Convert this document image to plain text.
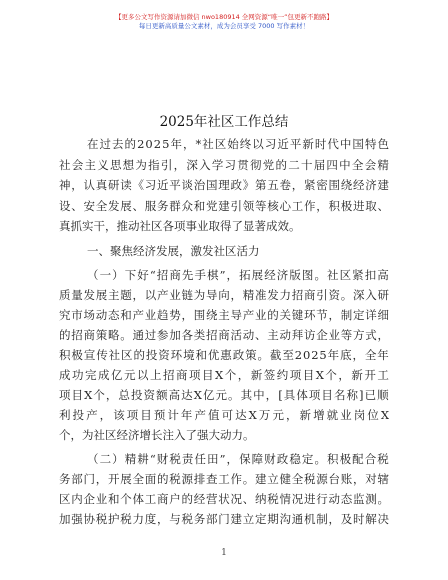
【更多公文写作资源请加微信 nwo180914 全网资源“唯一”包更新不跑路】
每日更新高质量公文素材，成为会员享受 7000 写作素材！
2025年社区工作总结
在 过 去 的 2 0 2 5 年 ， * 社 区 始 终 以 习 近 平 新 时 代 中 国 特 色
社 会 主 义 思 想 为 指 引 ， 深 入 学 习 贯 彻 党 的 二 十 届 四 中 全 会 精
神 ， 认 真 研 读 《 习 近 平 谈 治 国 理 政 》 第 五 卷 ， 紧 密 围 绕 经 济 建
设 、 安 全 发 展 、 服 务 群 众 和 党 建 引 领 等 核 心 工 作 ， 积 极 进 取 、
真抓实干，推动社区各项事业取得了显著成效。
一、聚焦经济发展，激发社区活力
（ 一 ） 下 好 “ 招 商 先 手 棋 ” ， 拓 展 经 济 版 图 。 社 区 紧 扣 高
质 量 发 展 主 题 ， 以 产 业 链 为 导 向 ， 精 准 发 力 招 商 引 资 。 深 入 研
究 市 场 动 态 和 产 业 趋 势 ， 围 绕 主 导 产 业 的 关 键 环 节 ， 制 定 详 细
的 招 商 策 略 。 通 过 参 加 各 类 招 商 活 动 、 主 动 拜 访 企 业 等 方 式 ，
积 极 宣 传 社 区 的 投 资 环 境 和 优 惠 政 策 。 截 至 2 0 2 5 年 底 ， 全 年
成 功 完 成 亿 元 以 上 招 商 项 目 X 个 ， 新 签 约 项 目 X 个 ， 新 开 工
项 目 X 个 ， 总 投 资 额 高 达 X 亿 元 。 其 中 ， [ 具 体 项 目 名 称 ] 已 顺
利 投 产 ， 该 项 目 预 计 年 产 值 可 达 X 万 元 ， 新 增 就 业 岗 位 X
个，为社区经济增长注入了强大动力。
（ 二 ） 精 耕 “ 财 税 责 任 田 ” ， 保 障 财 政 稳 定 。 积 极 配 合 税
务 部 门 ， 开 展 全 面 的 税 源 排 查 工 作 。 建 立 健 全 税 源 台 账 ， 对 辖
区 内 企 业 和 个 体 工 商 户 的 经 营 状 况 、 纳 税 情 况 进 行 动 态 监 测 。
加 强 协 税 护 税 力 度 ， 与 税 务 部 门 建 立 定 期 沟 通 机 制 ， 及 时 解 决
1
